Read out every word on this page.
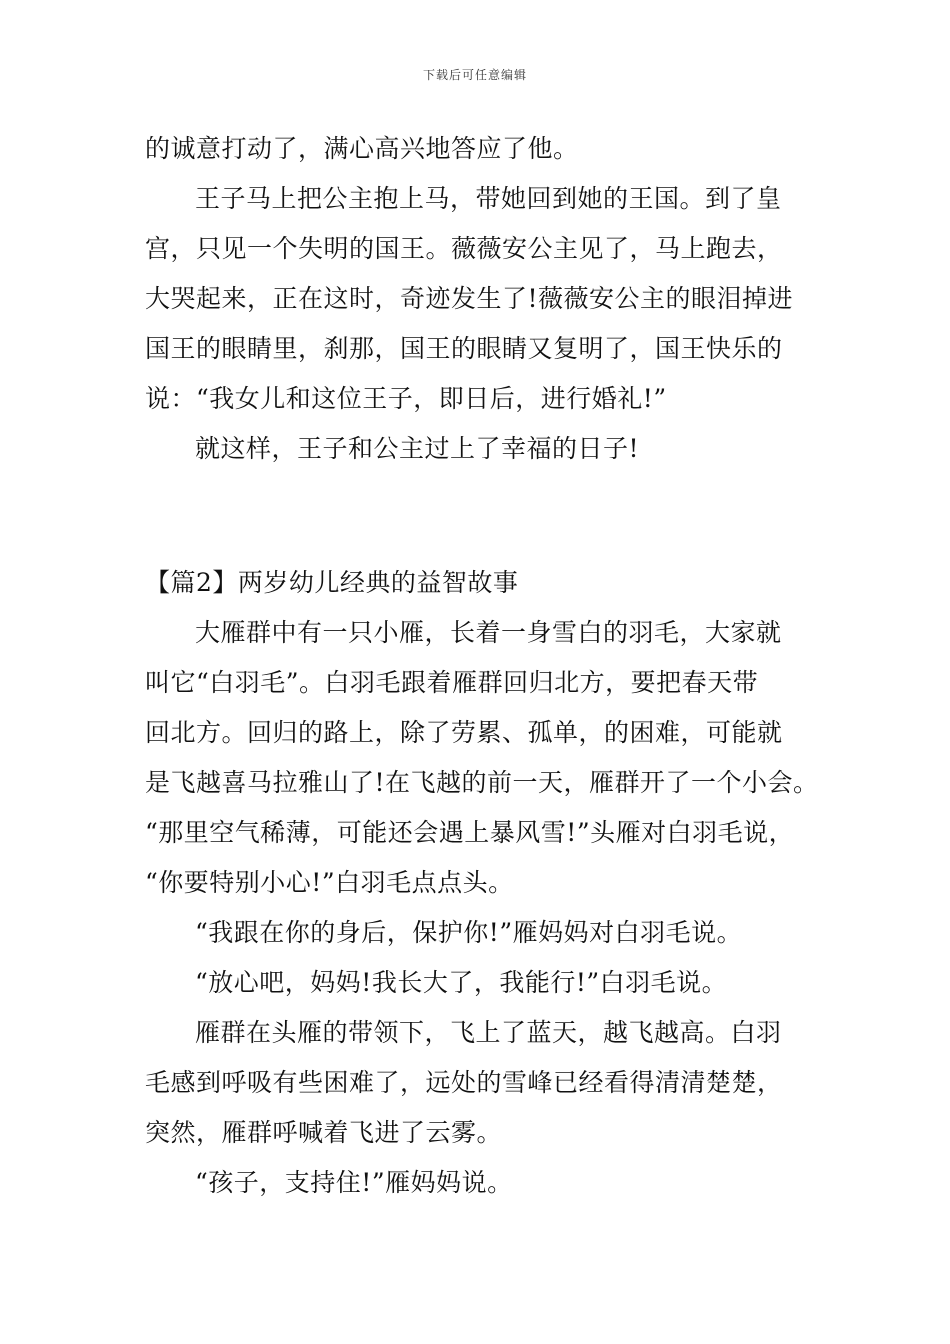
下载后可任意编辑
的诚意打动了，满心高兴地答应了他。
王子马上把公主抱上马，带她回到她的王国。到了皇
宫，只见一个失明的国王。薇薇安公主见了，马上跑去，
大哭起来，正在这时，奇迹发生了!薇薇安公主的眼泪掉进
国王的眼睛里，刹那，国王的眼睛又复明了，国王快乐的
说：“我女儿和这位王子，即日后，进行婚礼!”
就这样，王子和公主过上了幸福的日子!
【篇2】两岁幼儿经典的益智故事
大雁群中有一只小雁，长着一身雪白的羽毛，大家就
叫它“白羽毛”。白羽毛跟着雁群回归北方，要把春天带
回北方。回归的路上，除了劳累、孤单，的困难，可能就
是飞越喜马拉雅山了!在飞越的前一天，雁群开了一个小会。
“那里空气稀薄，可能还会遇上暴风雪!”头雁对白羽毛说，
“你要特别小心!”白羽毛点点头。
“我跟在你的身后，保护你!”雁妈妈对白羽毛说。
“放心吧，妈妈!我长大了，我能行!”白羽毛说。
雁群在头雁的带领下，飞上了蓝天，越飞越高。白羽
毛感到呼吸有些困难了，远处的雪峰已经看得清清楚楚，
突然，雁群呼喊着飞进了云雾。
“孩子，支持住!”雁妈妈说。
